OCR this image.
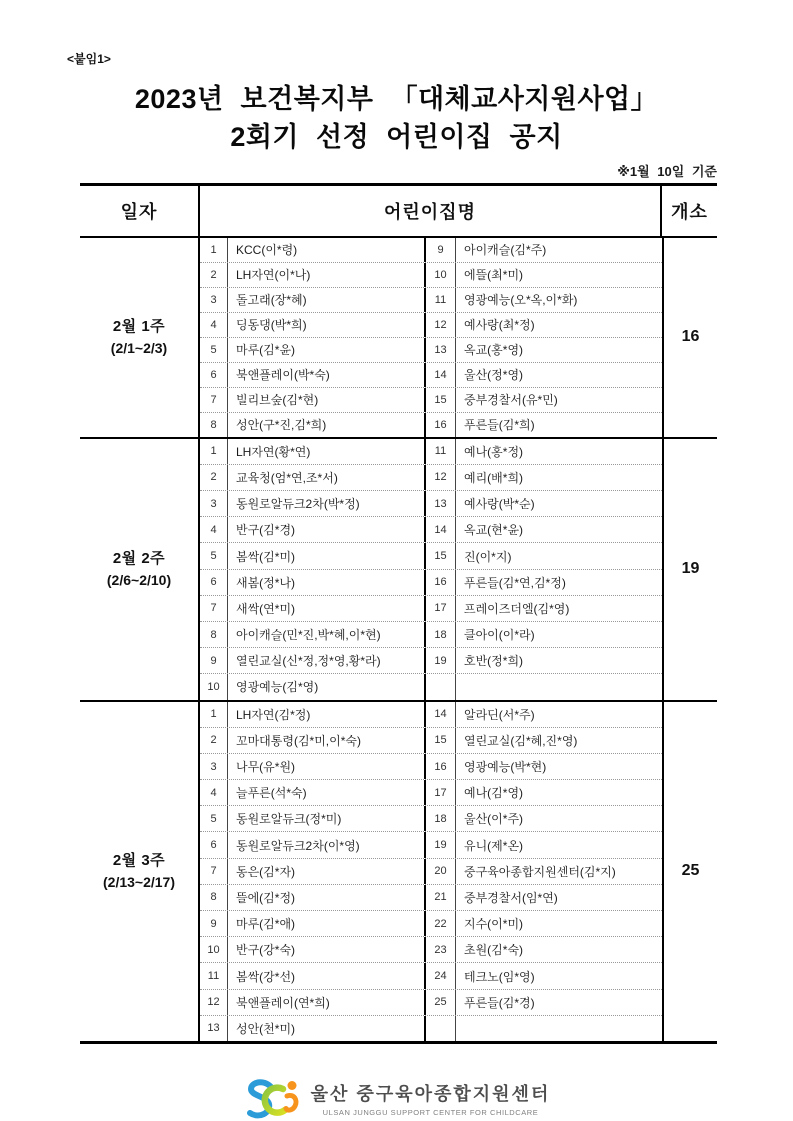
<붙임1>
2023년 보건복지부 「대체교사지원사업」
2회기 선정 어린이집 공지
※1월 10일 기준
일자	어린이집명	개소
2월 1주
(2/1~2/3)
1	KCC(이*령)	9	아이캐슬(김*주)
2	LH자연(이*나)	10	에뜰(최*미)
3	돌고래(장*혜)	11	영광예능(오*옥,이*화)
4	딩동댕(박*희)	12	예사랑(최*정)
5	마루(김*윤)	13	옥교(홍*영)
6	북앤플레이(박*숙)	14	울산(정*영)
7	빌리브숲(김*현)	15	중부경찰서(유*민)
8	성안(구*진,김*희)	16	푸른들(김*희)
16
2월 2주
(2/6~2/10)
1	LH자연(황*연)	11	예나(홍*정)
2	교육청(엄*연,조*서)	12	예리(배*희)
3	동원로알듀크2차(박*정)	13	예사랑(박*순)
4	반구(김*경)	14	옥교(현*윤)
5	봄싹(김*미)	15	진(이*지)
6	새봄(정*나)	16	푸른들(김*연,김*정)
7	새싹(연*미)	17	프레이즈더엘(김*영)
8	아이캐슬(민*진,박*혜,이*현)	18	클아이(이*라)
9	열린교실(신*정,정*영,황*라)	19	호반(정*희)
10	영광예능(김*영)
19
2월 3주
(2/13~2/17)
1	LH자연(김*정)	14	알라딘(서*주)
2	꼬마대통령(김*미,이*숙)	15	열린교실(김*혜,진*영)
3	나무(유*원)	16	영광예능(박*현)
4	늘푸른(석*숙)	17	예나(김*영)
5	동원로알듀크(정*미)	18	울산(이*주)
6	동원로알듀크2차(이*영)	19	유니(제*온)
7	동은(김*자)	20	중구육아종합지원센터(김*지)
8	뜰에(김*정)	21	중부경찰서(임*연)
9	마루(김*애)	22	지수(이*미)
10	반구(강*숙)	23	초원(김*숙)
11	봄싹(강*선)	24	테크노(임*영)
12	북앤플레이(연*희)	25	푸른들(김*경)
13	성안(천*미)
25
울산 중구육아종합지원센터
ULSAN JUNGGU SUPPORT CENTER FOR CHILDCARE
